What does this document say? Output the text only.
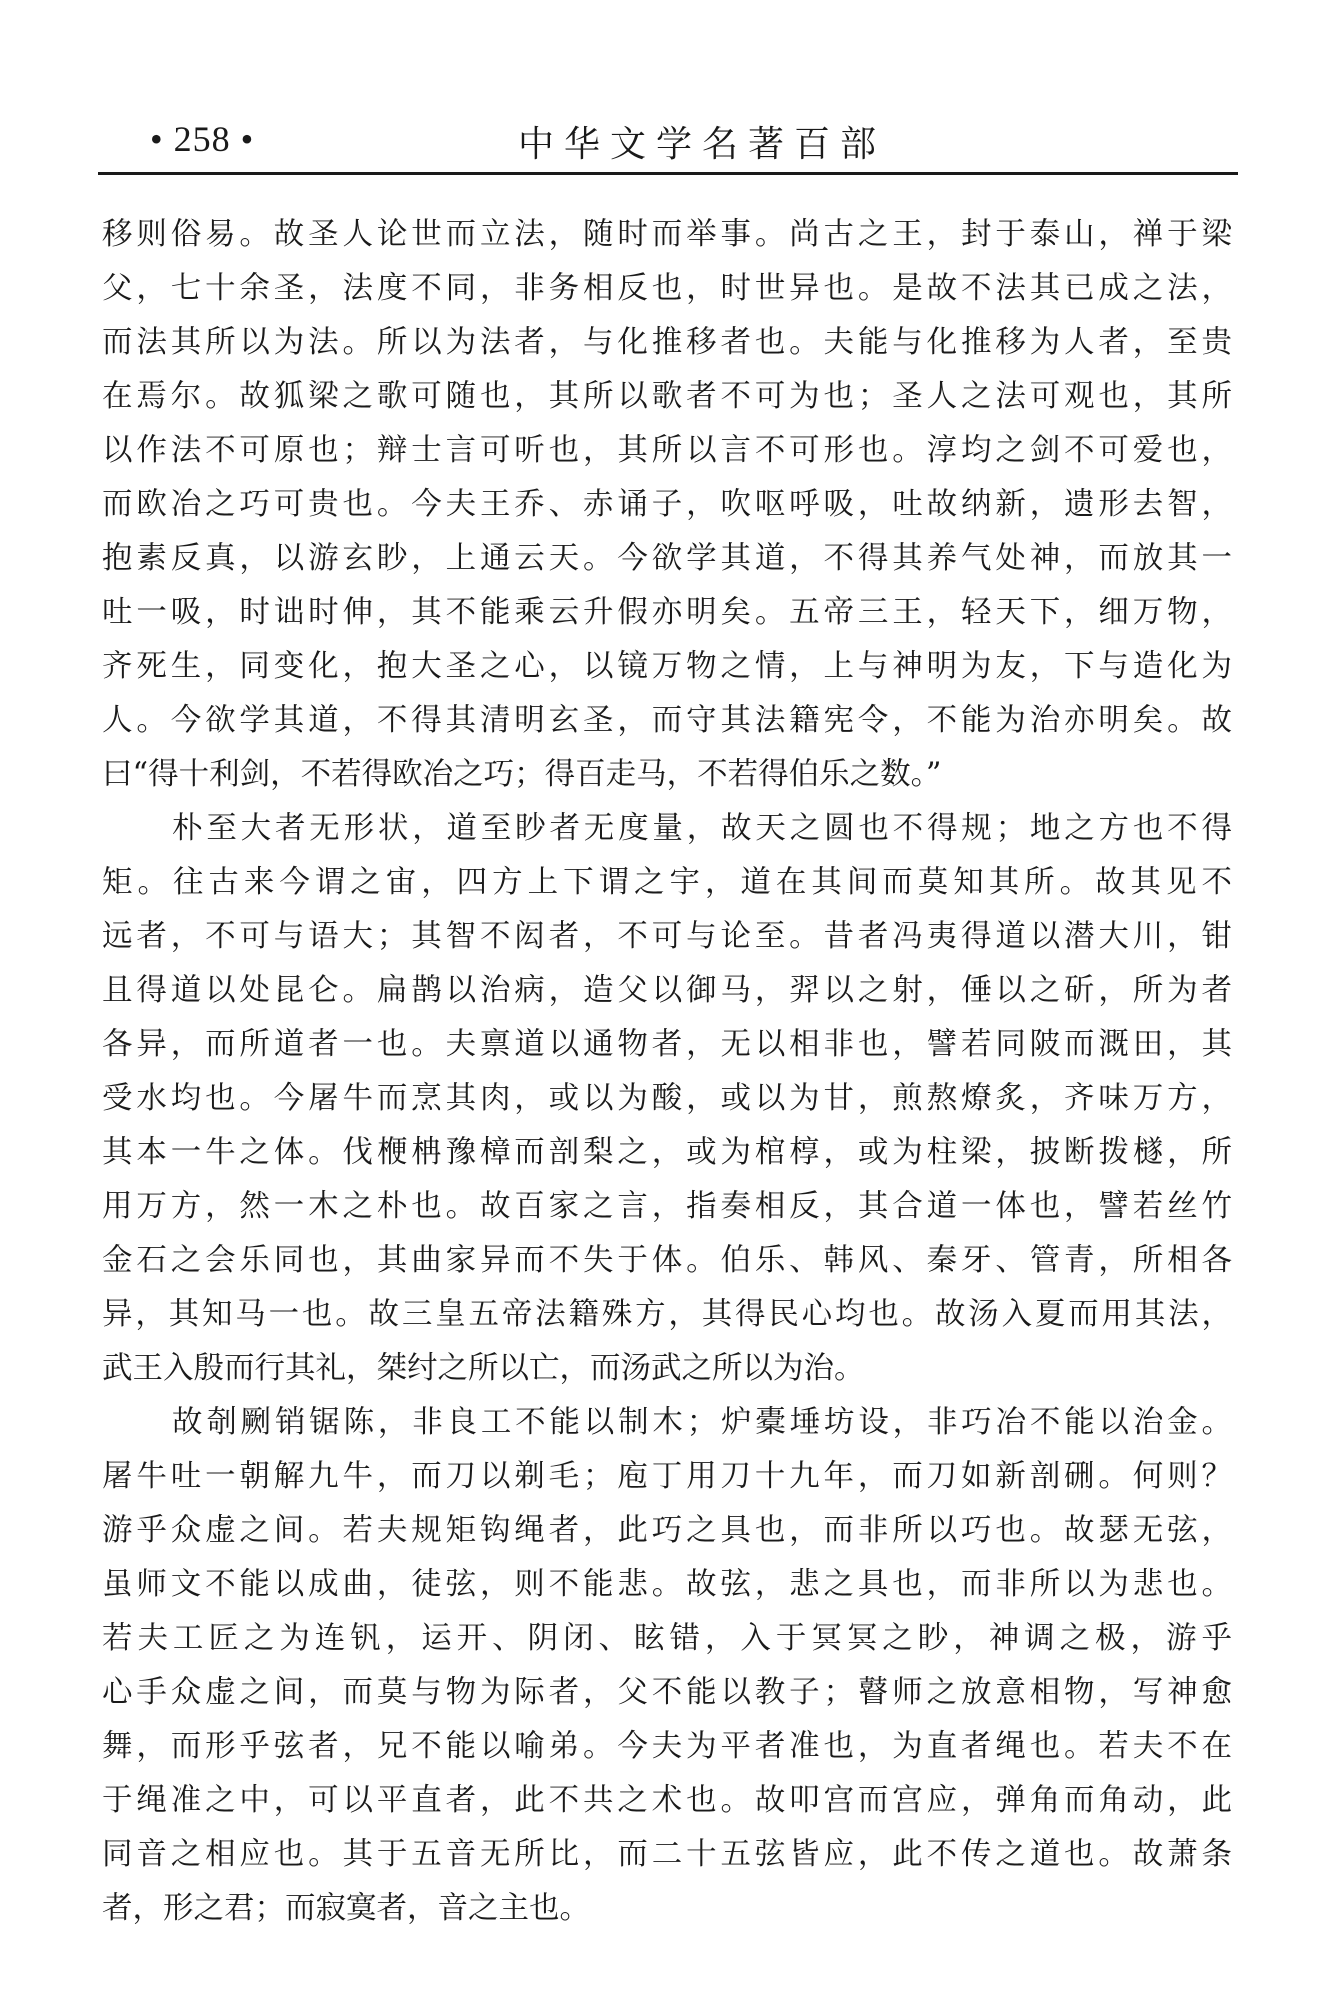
• 258 •	中华文学名著百部
移则俗易。故圣人论世而立法，随时而举事。尚古之王，封于泰山，禅于梁
父，七十余圣，法度不同，非务相反也，时世异也。是故不法其已成之法，
而法其所以为法。所以为法者，与化推移者也。夫能与化推移为人者，至贵
在焉尔。故狐梁之歌可随也，其所以歌者不可为也；圣人之法可观也，其所
以作法不可原也；辩士言可听也，其所以言不可形也。淳均之剑不可爱也，
而欧冶之巧可贵也。今夫王乔、赤诵子，吹呕呼吸，吐故纳新，遗形去智，
抱素反真，以游玄眇，上通云天。今欲学其道，不得其养气处神，而放其一
吐一吸，时诎时伸，其不能乘云升假亦明矣。五帝三王，轻天下，细万物，
齐死生，同变化，抱大圣之心，以镜万物之情，上与神明为友，下与造化为
人。今欲学其道，不得其清明玄圣，而守其法籍宪令，不能为治亦明矣。故
曰“得十利剑，不若得欧冶之巧；得百走马，不若得伯乐之数。”
朴至大者无形状，道至眇者无度量，故天之圆也不得规；地之方也不得
矩。往古来今谓之宙，四方上下谓之宇，道在其间而莫知其所。故其见不
远者，不可与语大；其智不闳者，不可与论至。昔者冯夷得道以潜大川，钳
且得道以处昆仑。扁鹊以治病，造父以御马，羿以之射，倕以之斫，所为者
各异，而所道者一也。夫禀道以通物者，无以相非也，譬若同陂而溉田，其
受水均也。今屠牛而烹其肉，或以为酸，或以为甘，煎熬燎炙，齐味万方，
其本一牛之体。伐楩柟豫樟而剖梨之，或为棺椁，或为柱梁，披断拨檖，所
用万方，然一木之朴也。故百家之言，指奏相反，其合道一体也，譬若丝竹
金石之会乐同也，其曲家异而不失于体。伯乐、韩风、秦牙、管青，所相各
异，其知马一也。故三皇五帝法籍殊方，其得民心均也。故汤入夏而用其法，
武王入殷而行其礼，桀纣之所以亡，而汤武之所以为治。
故剞劂销锯陈，非良工不能以制木；炉橐埵坊设，非巧冶不能以治金。
屠牛吐一朝解九牛，而刀以剃毛；庖丁用刀十九年，而刀如新剖硎。何则？
游乎众虚之间。若夫规矩钩绳者，此巧之具也，而非所以巧也。故瑟无弦，
虽师文不能以成曲，徒弦，则不能悲。故弦，悲之具也，而非所以为悲也。
若夫工匠之为连钒，运开、阴闭、眩错，入于冥冥之眇，神调之极，游乎
心手众虚之间，而莫与物为际者，父不能以教子；瞽师之放意相物，写神愈
舞，而形乎弦者，兄不能以喻弟。今夫为平者准也，为直者绳也。若夫不在
于绳准之中，可以平直者，此不共之术也。故叩宫而宫应，弹角而角动，此
同音之相应也。其于五音无所比，而二十五弦皆应，此不传之道也。故萧条
者，形之君；而寂寞者，音之主也。
